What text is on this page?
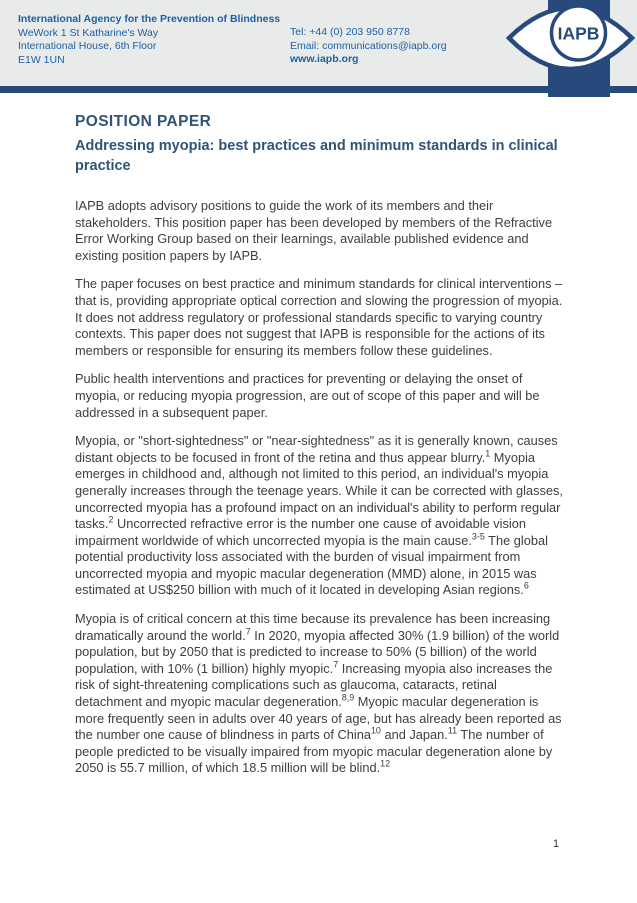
International Agency for the Prevention of Blindness
WeWork 1 St Katharine's Way
International House, 6th Floor
E1W 1UN
Tel: +44 (0) 203 950 8778
Email: communications@iapb.org
www.iapb.org
IAPB
POSITION PAPER
Addressing myopia: best practices and minimum standards in clinical practice

IAPB adopts advisory positions to guide the work of its members and their stakeholders. This position paper has been developed by members of the Refractive Error Working Group based on their learnings, available published evidence and existing position papers by IAPB.

The paper focuses on best practice and minimum standards for clinical interventions – that is, providing appropriate optical correction and slowing the progression of myopia. It does not address regulatory or professional standards specific to varying country contexts. This paper does not suggest that IAPB is responsible for the actions of its members or responsible for ensuring its members follow these guidelines.

Public health interventions and practices for preventing or delaying the onset of myopia, or reducing myopia progression, are out of scope of this paper and will be addressed in a subsequent paper.

Myopia, or "short-sightedness" or "near-sightedness" as it is generally known, causes distant objects to be focused in front of the retina and thus appear blurry.$^1$ Myopia emerges in childhood and, although not limited to this period, an individual's myopia generally increases through the teenage years. While it can be corrected with glasses, uncorrected myopia has a profound impact on an individual's ability to perform regular tasks.$^2$ Uncorrected refractive error is the number one cause of avoidable vision impairment worldwide of which uncorrected myopia is the main cause.$^{3-5}$ The global potential productivity loss associated with the burden of visual impairment from uncorrected myopia and myopic macular degeneration (MMD) alone, in 2015 was estimated at US$250 billion with much of it located in developing Asian regions.$^6$

Myopia is of critical concern at this time because its prevalence has been increasing dramatically around the world.$^7$ In 2020, myopia affected 30% (1.9 billion) of the world population, but by 2050 that is predicted to increase to 50% (5 billion) of the world population, with 10% (1 billion) highly myopic.$^7$ Increasing myopia also increases the risk of sight-threatening complications such as glaucoma, cataracts, retinal detachment and myopic macular degeneration.$^{8,9}$ Myopic macular degeneration is more frequently seen in adults over 40 years of age, but has already been reported as the number one cause of blindness in parts of China$^{10}$ and Japan.$^{11}$ The number of people predicted to be visually impaired from myopic macular degeneration alone by 2050 is 55.7 million, of which 18.5 million will be blind.$^{12}$

1
